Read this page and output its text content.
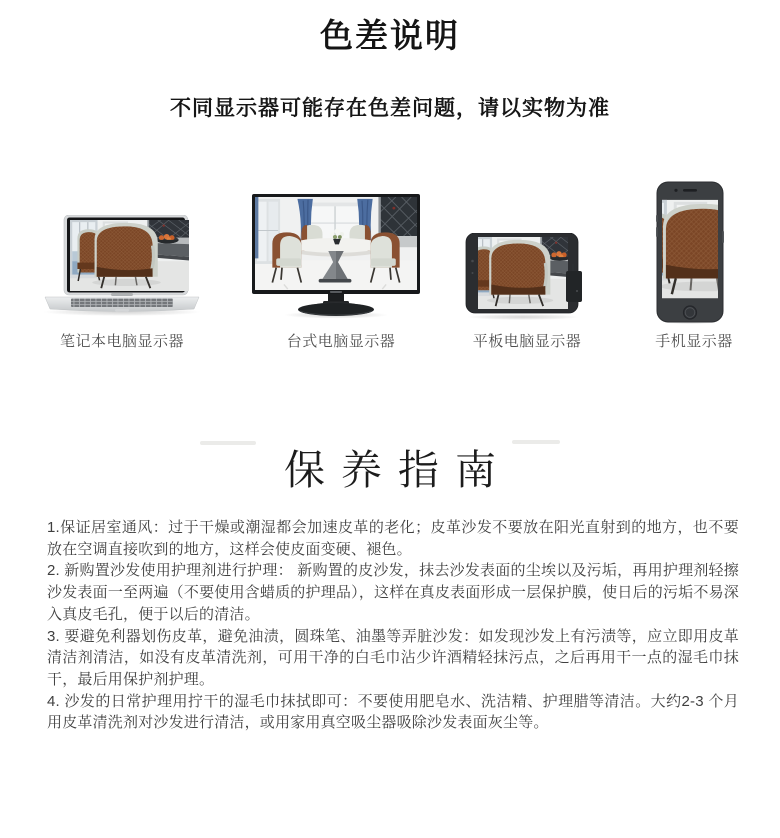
色差说明
不同显示器可能存在色差问题，请以实物为准
笔记本电脑显示器	台式电脑显示器	平板电脑显示器	手机显示器
保养指南

1.保证居室通风：过于干燥或潮湿都会加速皮革的老化；皮革沙发不要放在阳光直射到的地方，也不要放在空调直接吹到的地方，这样会使皮面变硬、褪色。

2. 新购置沙发使用护理剂进行护理： 新购置的皮沙发，抹去沙发表面的尘埃以及污垢，再用护理剂轻擦沙发表面一至两遍（不要使用含蜡质的护理品），这样在真皮表面形成一层保护膜，使日后的污垢不易深入真皮毛孔，便于以后的清洁。

3. 要避免利器划伤皮革，避免油渍，圆珠笔、油墨等弄脏沙发：如发现沙发上有污渍等，应立即用皮革清洁剂清洁，如没有皮革清洗剂，可用干净的白毛巾沾少许酒精轻抹污点，之后再用干一点的湿毛巾抹干，最后用保护剂护理。

4. 沙发的日常护理用拧干的湿毛巾抹拭即可：不要使用肥皂水、洗洁精、护理腊等清洁。大约2-3 个月用皮革清洗剂对沙发进行清洁，或用家用真空吸尘器吸除沙发表面灰尘等。
